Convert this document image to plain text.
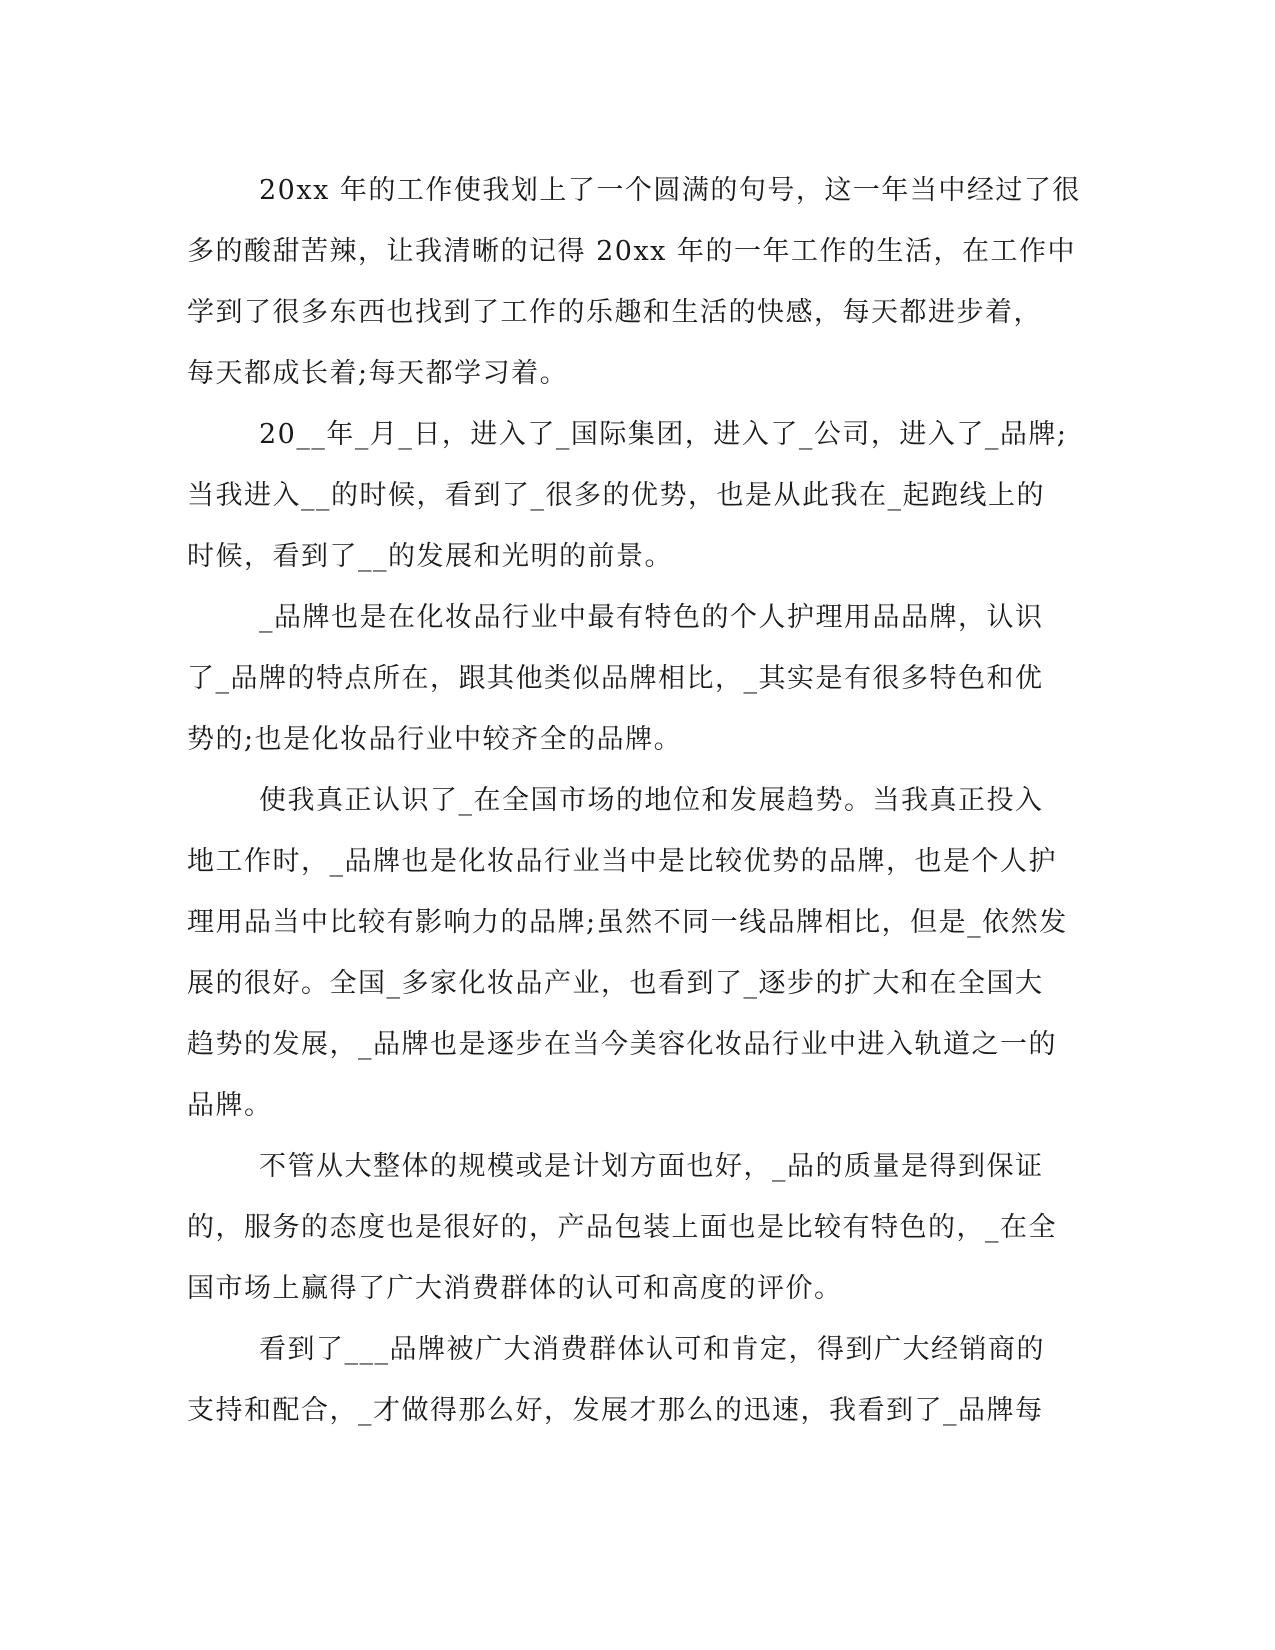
20xx 年的工作使我划上了一个圆满的句号，这一年当中经过了很
多的酸甜苦辣，让我清晰的记得 20xx 年的一年工作的生活，在工作中
学到了很多东西也找到了工作的乐趣和生活的快感，每天都进步着，
每天都成长着;每天都学习着。
20__年_月_日，进入了_国际集团，进入了_公司，进入了_品牌;
当我进入__的时候，看到了_很多的优势，也是从此我在_起跑线上的
时候，看到了__的发展和光明的前景。
_品牌也是在化妆品行业中最有特色的个人护理用品品牌，认识
了_品牌的特点所在，跟其他类似品牌相比，_其实是有很多特色和优
势的;也是化妆品行业中较齐全的品牌。
使我真正认识了_在全国市场的地位和发展趋势。当我真正投入
地工作时，_品牌也是化妆品行业当中是比较优势的品牌，也是个人护
理用品当中比较有影响力的品牌;虽然不同一线品牌相比，但是_依然发
展的很好。全国_多家化妆品产业，也看到了_逐步的扩大和在全国大
趋势的发展，_品牌也是逐步在当今美容化妆品行业中进入轨道之一的
品牌。
不管从大整体的规模或是计划方面也好，_品的质量是得到保证
的，服务的态度也是很好的，产品包装上面也是比较有特色的，_在全
国市场上赢得了广大消费群体的认可和高度的评价。
看到了___品牌被广大消费群体认可和肯定，得到广大经销商的
支持和配合，_才做得那么好，发展才那么的迅速，我看到了_品牌每
